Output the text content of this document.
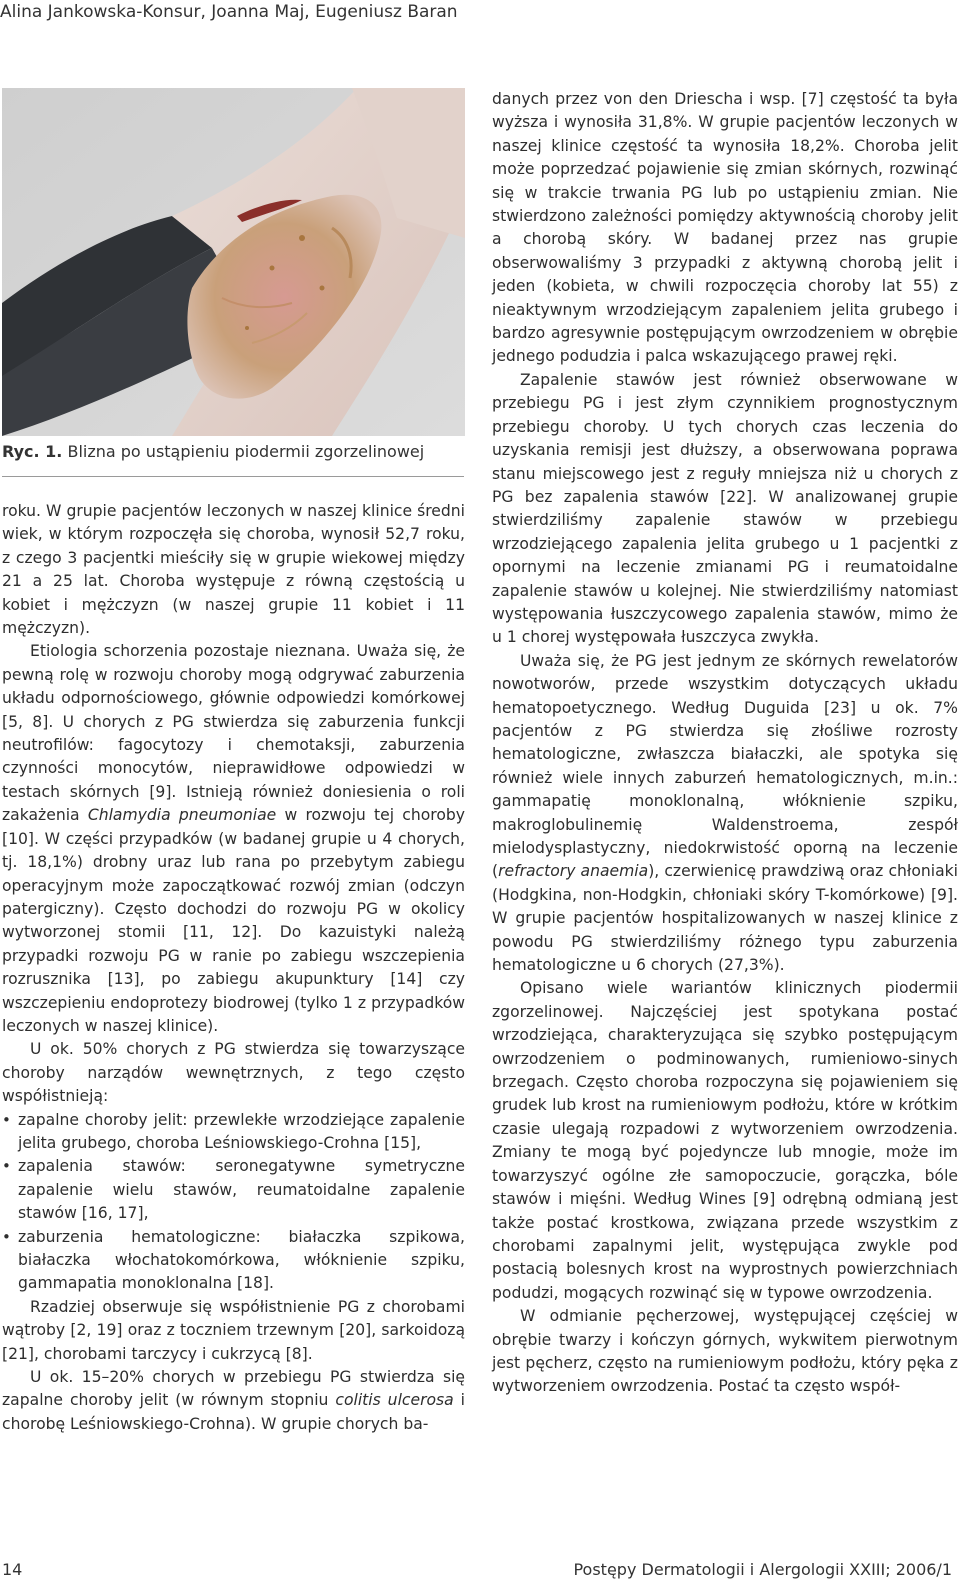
Alina Jankowska-Konsur, Joanna Maj, Eugeniusz Baran
Ryc. 1. Blizna po ustąpieniu piodermii zgorzelinowej

roku. W grupie pacjentów leczonych w naszej klinice średni wiek, w którym rozpoczęła się choroba, wynosił 52,7 roku, z czego 3 pacjentki mieściły się w grupie wiekowej między 21 a 25 lat. Choroba występuje z równą częstością u kobiet i mężczyzn (w naszej grupie 11 kobiet i 11 mężczyzn).

Etiologia schorzenia pozostaje nieznana. Uważa się, że pewną rolę w rozwoju choroby mogą odgrywać zaburzenia układu odpornościowego, głównie odpowiedzi komórkowej [5, 8]. U chorych z PG stwierdza się zaburzenia funkcji neutrofilów: fagocytozy i chemotaksji, zaburzenia czynności monocytów, nieprawidłowe odpowiedzi w testach skórnych [9]. Istnieją również doniesienia o roli zakażenia Chlamydia pneumoniae w rozwoju tej choroby [10]. W części przypadków (w badanej grupie u 4 chorych, tj. 18,1%) drobny uraz lub rana po przebytym zabiegu operacyjnym może zapoczątkować rozwój zmian (odczyn patergiczny). Często dochodzi do rozwoju PG w okolicy wytworzonej stomii [11, 12]. Do kazuistyki należą przypadki rozwoju PG w ranie po zabiegu wszczepienia rozrusznika [13], po zabiegu akupunktury [14] czy wszczepieniu endoprotezy biodrowej (tylko 1 z przypadków leczonych w naszej klinice).

U ok. 50% chorych z PG stwierdza się towarzyszące choroby narządów wewnętrznych, z tego często współistnieją:

• zapalne choroby jelit: przewlekłe wrzodziejące zapalenie jelita grubego, choroba Leśniowskiego-Crohna [15],
• zapalenia stawów: seronegatywne symetryczne zapalenie wielu stawów, reumatoidalne zapalenie stawów [16, 17],
• zaburzenia hematologiczne: białaczka szpikowa, białaczka włochatokomórkowa, włóknienie szpiku, gammapatia monoklonalna [18].

Rzadziej obserwuje się współistnienie PG z chorobami wątroby [2, 19] oraz z toczniem trzewnym [20], sarkoidozą [21], chorobami tarczycy i cukrzycą [8].

U ok. 15–20% chorych w przebiegu PG stwierdza się zapalne choroby jelit (w równym stopniu colitis ulcerosa i chorobę Leśniowskiego-Crohna). W grupie chorych ba-

danych przez von den Driescha i wsp. [7] częstość ta była wyższa i wynosiła 31,8%. W grupie pacjentów leczonych w naszej klinice częstość ta wynosiła 18,2%. Choroba jelit może poprzedzać pojawienie się zmian skórnych, rozwinąć się w trakcie trwania PG lub po ustąpieniu zmian. Nie stwierdzono zależności pomiędzy aktywnością choroby jelit a chorobą skóry. W badanej przez nas grupie obserwowaliśmy 3 przypadki z aktywną chorobą jelit i jeden (kobieta, w chwili rozpoczęcia choroby lat 55) z nieaktywnym wrzodziejącym zapaleniem jelita grubego i bardzo agresywnie postępującym owrzodzeniem w obrębie jednego podudzia i palca wskazującego prawej ręki.

Zapalenie stawów jest również obserwowane w przebiegu PG i jest złym czynnikiem prognostycznym przebiegu choroby. U tych chorych czas leczenia do uzyskania remisji jest dłuższy, a obserwowana poprawa stanu miejscowego jest z reguły mniejsza niż u chorych z PG bez zapalenia stawów [22]. W analizowanej grupie stwierdziliśmy zapalenie stawów w przebiegu wrzodziejącego zapalenia jelita grubego u 1 pacjentki z opornymi na leczenie zmianami PG i reumatoidalne zapalenie stawów u kolejnej. Nie stwierdziliśmy natomiast występowania łuszczycowego zapalenia stawów, mimo że u 1 chorej występowała łuszczyca zwykła.

Uważa się, że PG jest jednym ze skórnych rewelatorów nowotworów, przede wszystkim dotyczących układu hematopoetycznego. Według Duguida [23] u ok. 7% pacjentów z PG stwierdza się złośliwe rozrosty hematologiczne, zwłaszcza białaczki, ale spotyka się również wiele innych zaburzeń hematologicznych, m.in.: gammapatię monoklonalną, włóknienie szpiku, makroglobulinemię Waldenstroema, zespół mielodysplastyczny, niedokrwistość oporną na leczenie (refractory anaemia), czerwienicę prawdziwą oraz chłoniaki (Hodgkina, non-Hodgkin, chłoniaki skóry T-komórkowe) [9]. W grupie pacjentów hospitalizowanych w naszej klinice z powodu PG stwierdziliśmy różnego typu zaburzenia hematologiczne u 6 chorych (27,3%).

Opisano wiele wariantów klinicznych piodermii zgorzelinowej. Najczęściej jest spotykana postać wrzodziejąca, charakteryzująca się szybko postępującym owrzodzeniem o podminowanych, rumieniowo-sinych brzegach. Często choroba rozpoczyna się pojawieniem się grudek lub krost na rumieniowym podłożu, które w krótkim czasie ulegają rozpadowi z wytworzeniem owrzodzenia. Zmiany te mogą być pojedyncze lub mnogie, może im towarzyszyć ogólne złe samopoczucie, gorączka, bóle stawów i mięśni. Według Wines [9] odrębną odmianą jest także postać krostkowa, związana przede wszystkim z chorobami zapalnymi jelit, występująca zwykle pod postacią bolesnych krost na wyprostnych powierzchniach podudzi, mogących rozwinąć się w typowe owrzodzenia.

W odmianie pęcherzowej, występującej częściej w obrębie twarzy i kończyn górnych, wykwitem pierwotnym jest pęcherz, często na rumieniowym podłożu, który pęka z wytworzeniem owrzodzenia. Postać ta często współ-

14	Postępy Dermatologii i Alergologii XXIII; 2006/1
